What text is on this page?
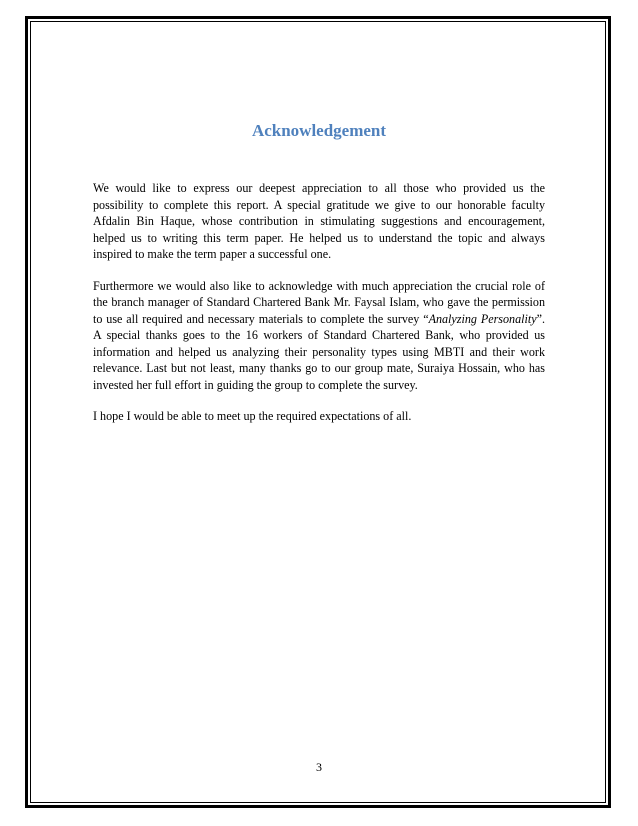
Acknowledgement

We would like to express our deepest appreciation to all those who provided us the possibility to complete this report. A special gratitude we give to our honorable faculty Afdalin Bin Haque, whose contribution in stimulating suggestions and encouragement, helped us to writing this term paper. He helped us to understand the topic and always inspired to make the term paper a successful one.

Furthermore we would also like to acknowledge with much appreciation the crucial role of the branch manager of Standard Chartered Bank Mr. Faysal Islam, who gave the permission to use all required and necessary materials to complete the survey “Analyzing Personality”. A special thanks goes to the 16 workers of Standard Chartered Bank, who provided us information and helped us analyzing their personality types using MBTI and their work relevance. Last but not least, many thanks go to our group mate, Suraiya Hossain, who has invested her full effort in guiding the group to complete the survey.

I hope I would be able to meet up the required expectations of all.

3
